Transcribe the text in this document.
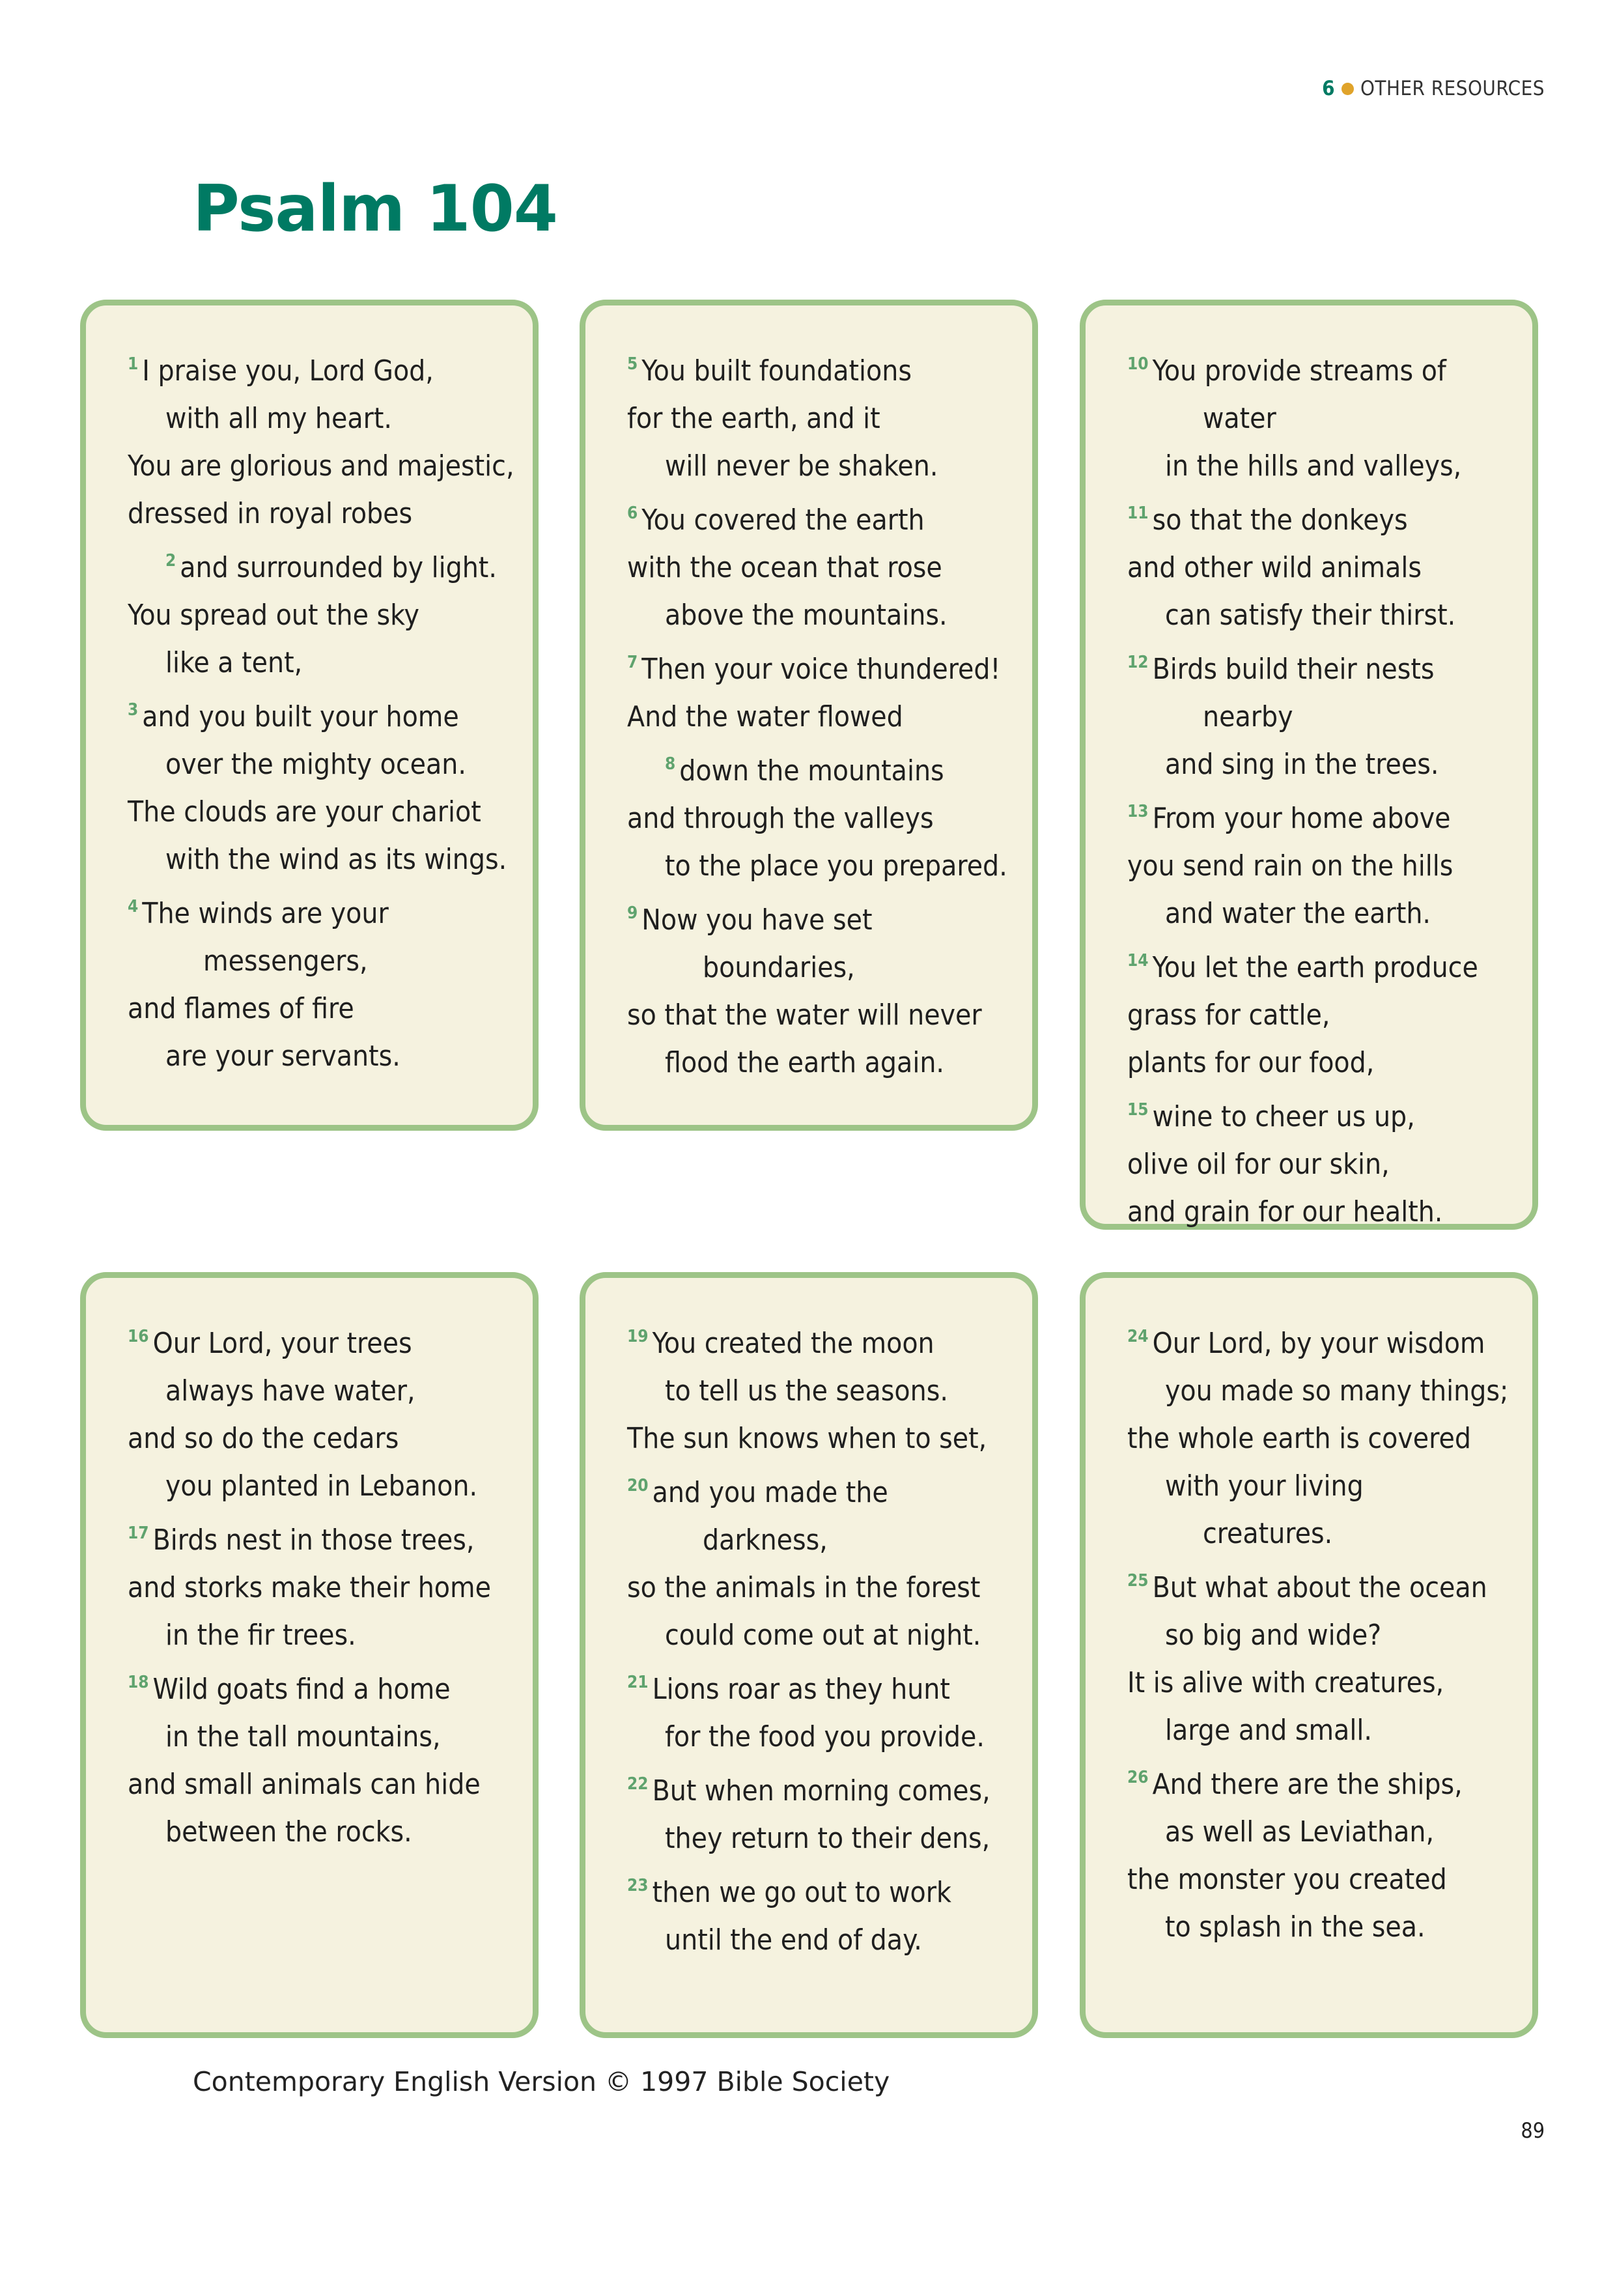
6 OTHER RESOURCES
Psalm 104
$^1$ I praise you, Lord God,
with all my heart.
You are glorious and majestic,
dressed in royal robes
$^2$ and surrounded by light.
You spread out the sky
like a tent,
$^3$ and you built your home
over the mighty ocean.
The clouds are your chariot
with the wind as its wings.
$^4$ The winds are your
messengers,
and flames of fire
are your servants.
$^5$ You built foundations
for the earth, and it
will never be shaken.
$^6$ You covered the earth
with the ocean that rose
above the mountains.
$^7$ Then your voice thundered!
And the water flowed
$^8$ down the mountains
and through the valleys
to the place you prepared.
$^9$ Now you have set
boundaries,
so that the water will never
flood the earth again.
$^{10}$ You provide streams of
water
in the hills and valleys,
$^{11}$ so that the donkeys
and other wild animals
can satisfy their thirst.
$^{12}$ Birds build their nests
nearby
and sing in the trees.
$^{13}$ From your home above
you send rain on the hills
and water the earth.
$^{14}$ You let the earth produce
grass for cattle,
plants for our food,
$^{15}$ wine to cheer us up,
olive oil for our skin,
and grain for our health.
$^{16}$ Our Lord, your trees
always have water,
and so do the cedars
you planted in Lebanon.
$^{17}$ Birds nest in those trees,
and storks make their home
in the fir trees.
$^{18}$ Wild goats find a home
in the tall mountains,
and small animals can hide
between the rocks.
$^{19}$ You created the moon
to tell us the seasons.
The sun knows when to set,
$^{20}$ and you made the
darkness,
so the animals in the forest
could come out at night.
$^{21}$ Lions roar as they hunt
for the food you provide.
$^{22}$ But when morning comes,
they return to their dens,
$^{23}$ then we go out to work
until the end of day.
$^{24}$ Our Lord, by your wisdom
you made so many things;
the whole earth is covered
with your living
creatures.
$^{25}$ But what about the ocean
so big and wide?
It is alive with creatures,
large and small.
$^{26}$ And there are the ships,
as well as Leviathan,
the monster you created
to splash in the sea.
Contemporary English Version © 1997 Bible Society
89
